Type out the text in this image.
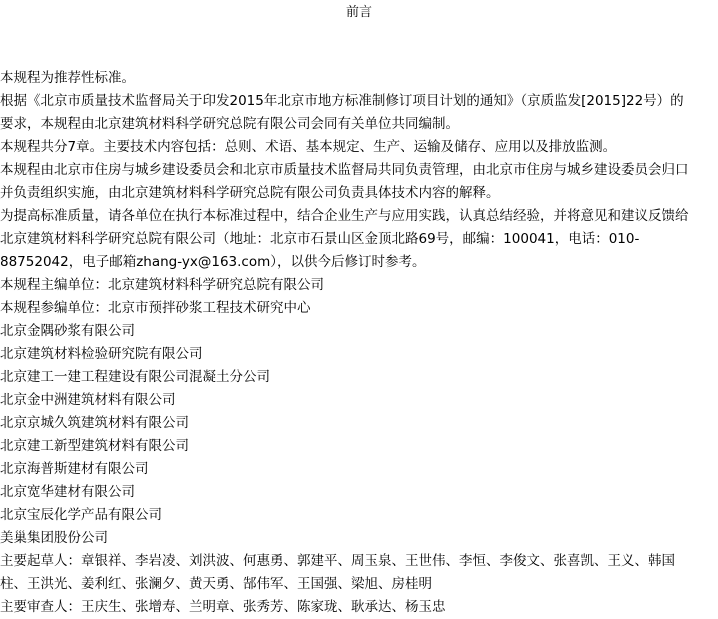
前言
本规程为推荐性标准。
根据《北京市质量技术监督局关于印发2015年北京市地方标准制修订项目计划的通知》（京质监发[2015]22号）的
要求，本规程由北京建筑材料科学研究总院有限公司会同有关单位共同编制。
本规程共分7章。主要技术内容包括：总则、术语、基本规定、生产、运输及储存、应用以及排放监测。
本规程由北京市住房与城乡建设委员会和北京市质量技术监督局共同负责管理，由北京市住房与城乡建设委员会归口
并负责组织实施，由北京建筑材料科学研究总院有限公司负责具体技术内容的解释。
为提高标准质量，请各单位在执行本标准过程中，结合企业生产与应用实践，认真总结经验，并将意见和建议反馈给
北京建筑材料科学研究总院有限公司（地址：北京市石景山区金顶北路69号，邮编：100041，电话：010-
88752042，电子邮箱zhang-yx@163.com），以供今后修订时参考。
本规程主编单位：北京建筑材料科学研究总院有限公司
本规程参编单位：北京市预拌砂浆工程技术研究中心
北京金隅砂浆有限公司
北京建筑材料检验研究院有限公司
北京建工一建工程建设有限公司混凝土分公司
北京金中洲建筑材料有限公司
北京京城久筑建筑材料有限公司
北京建工新型建筑材料有限公司
北京海普斯建材有限公司
北京宽华建材有限公司
北京宝辰化学产品有限公司
美巢集团股份公司
主要起草人：章银祥、李岩凌、刘洪波、何惠勇、郭建平、周玉泉、王世伟、李恒、李俊文、张喜凯、王义、韩国
柱、王洪光、姜利红、张澜夕、黄天勇、郜伟军、王国强、梁旭、房桂明
主要审查人：王庆生、张增寿、兰明章、张秀芳、陈家珑、耿承达、杨玉忠
